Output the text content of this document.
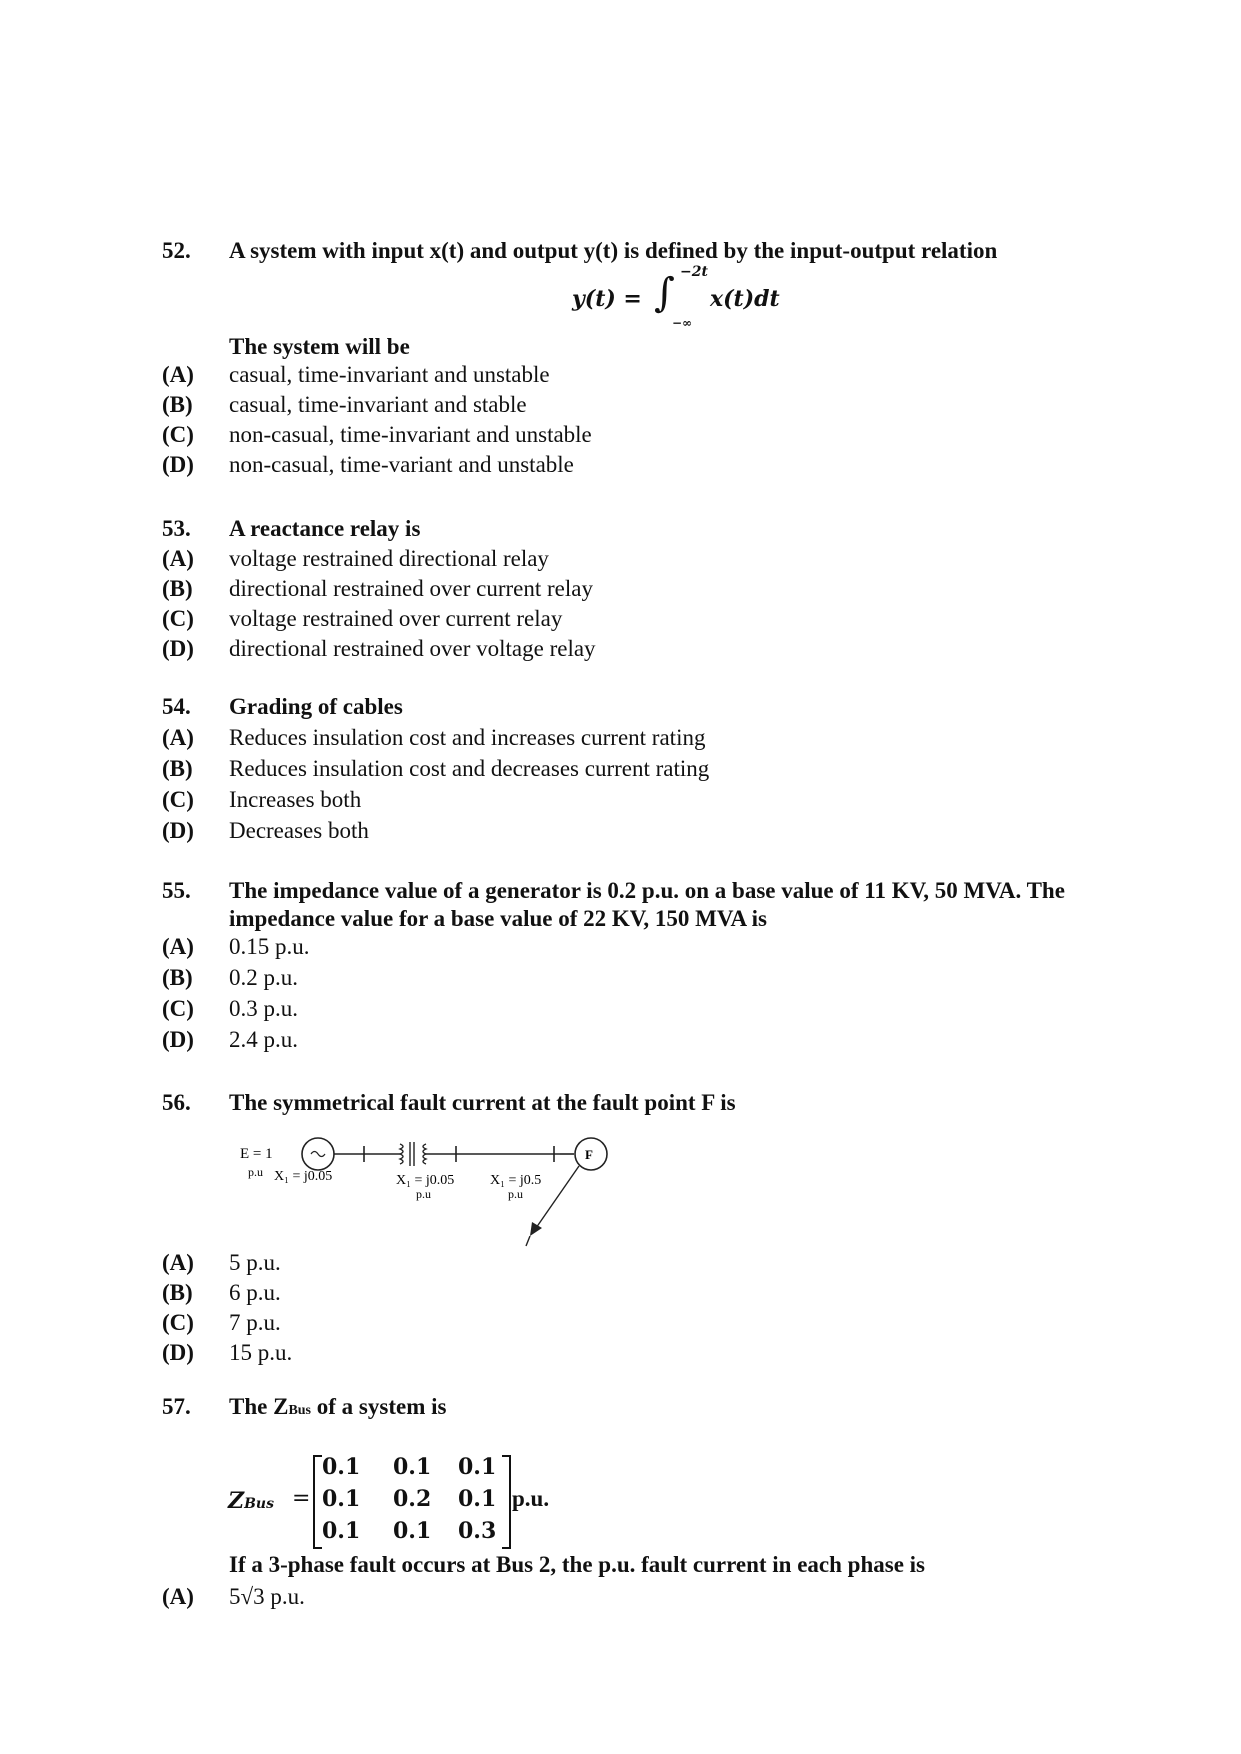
52.	A system with input x(t) and output y(t) is defined by the input-output relation
y(t) = ∫ −2t
−∞
x(t)dt
The system will be
(A)	casual, time-invariant and unstable
(B)	casual, time-invariant and stable
(C)	non-casual, time-invariant and unstable
(D)	non-casual, time-variant and unstable
53.	A reactance relay is
(A)	voltage restrained directional relay
(B)	directional restrained over current relay
(C)	voltage restrained over current relay
(D)	directional restrained over voltage relay
54.	Grading of cables
(A)	Reduces insulation cost and increases current rating
(B)	Reduces insulation cost and decreases current rating
(C)	Increases both
(D)	Decreases both
55.	The impedance value of a generator is 0.2 p.u. on a base value of 11 KV, 50 MVA. The
impedance value for a base value of 22 KV, 150 MVA is
(A)	0.15 p.u.
(B)	0.2 p.u.
(C)	0.3 p.u.
(D)	2.4 p.u.
56.	The symmetrical fault current at the fault point F is
E = 1
p.u
F
X₁ = j0.05	X₁ = j0.05
p.u
X₁ = j0.5
p.u
(A)	5 p.u.
(B)	6 p.u.
(C)	7 p.u.
(D)	15 p.u.
57.	The ZBus of a system is
ZBus =
0.1 0.1 0.1
0.1 0.2 0.1
0.1 0.1 0.3
p.u.
If a 3-phase fault occurs at Bus 2, the p.u. fault current in each phase is
(A)	5√3 p.u.
